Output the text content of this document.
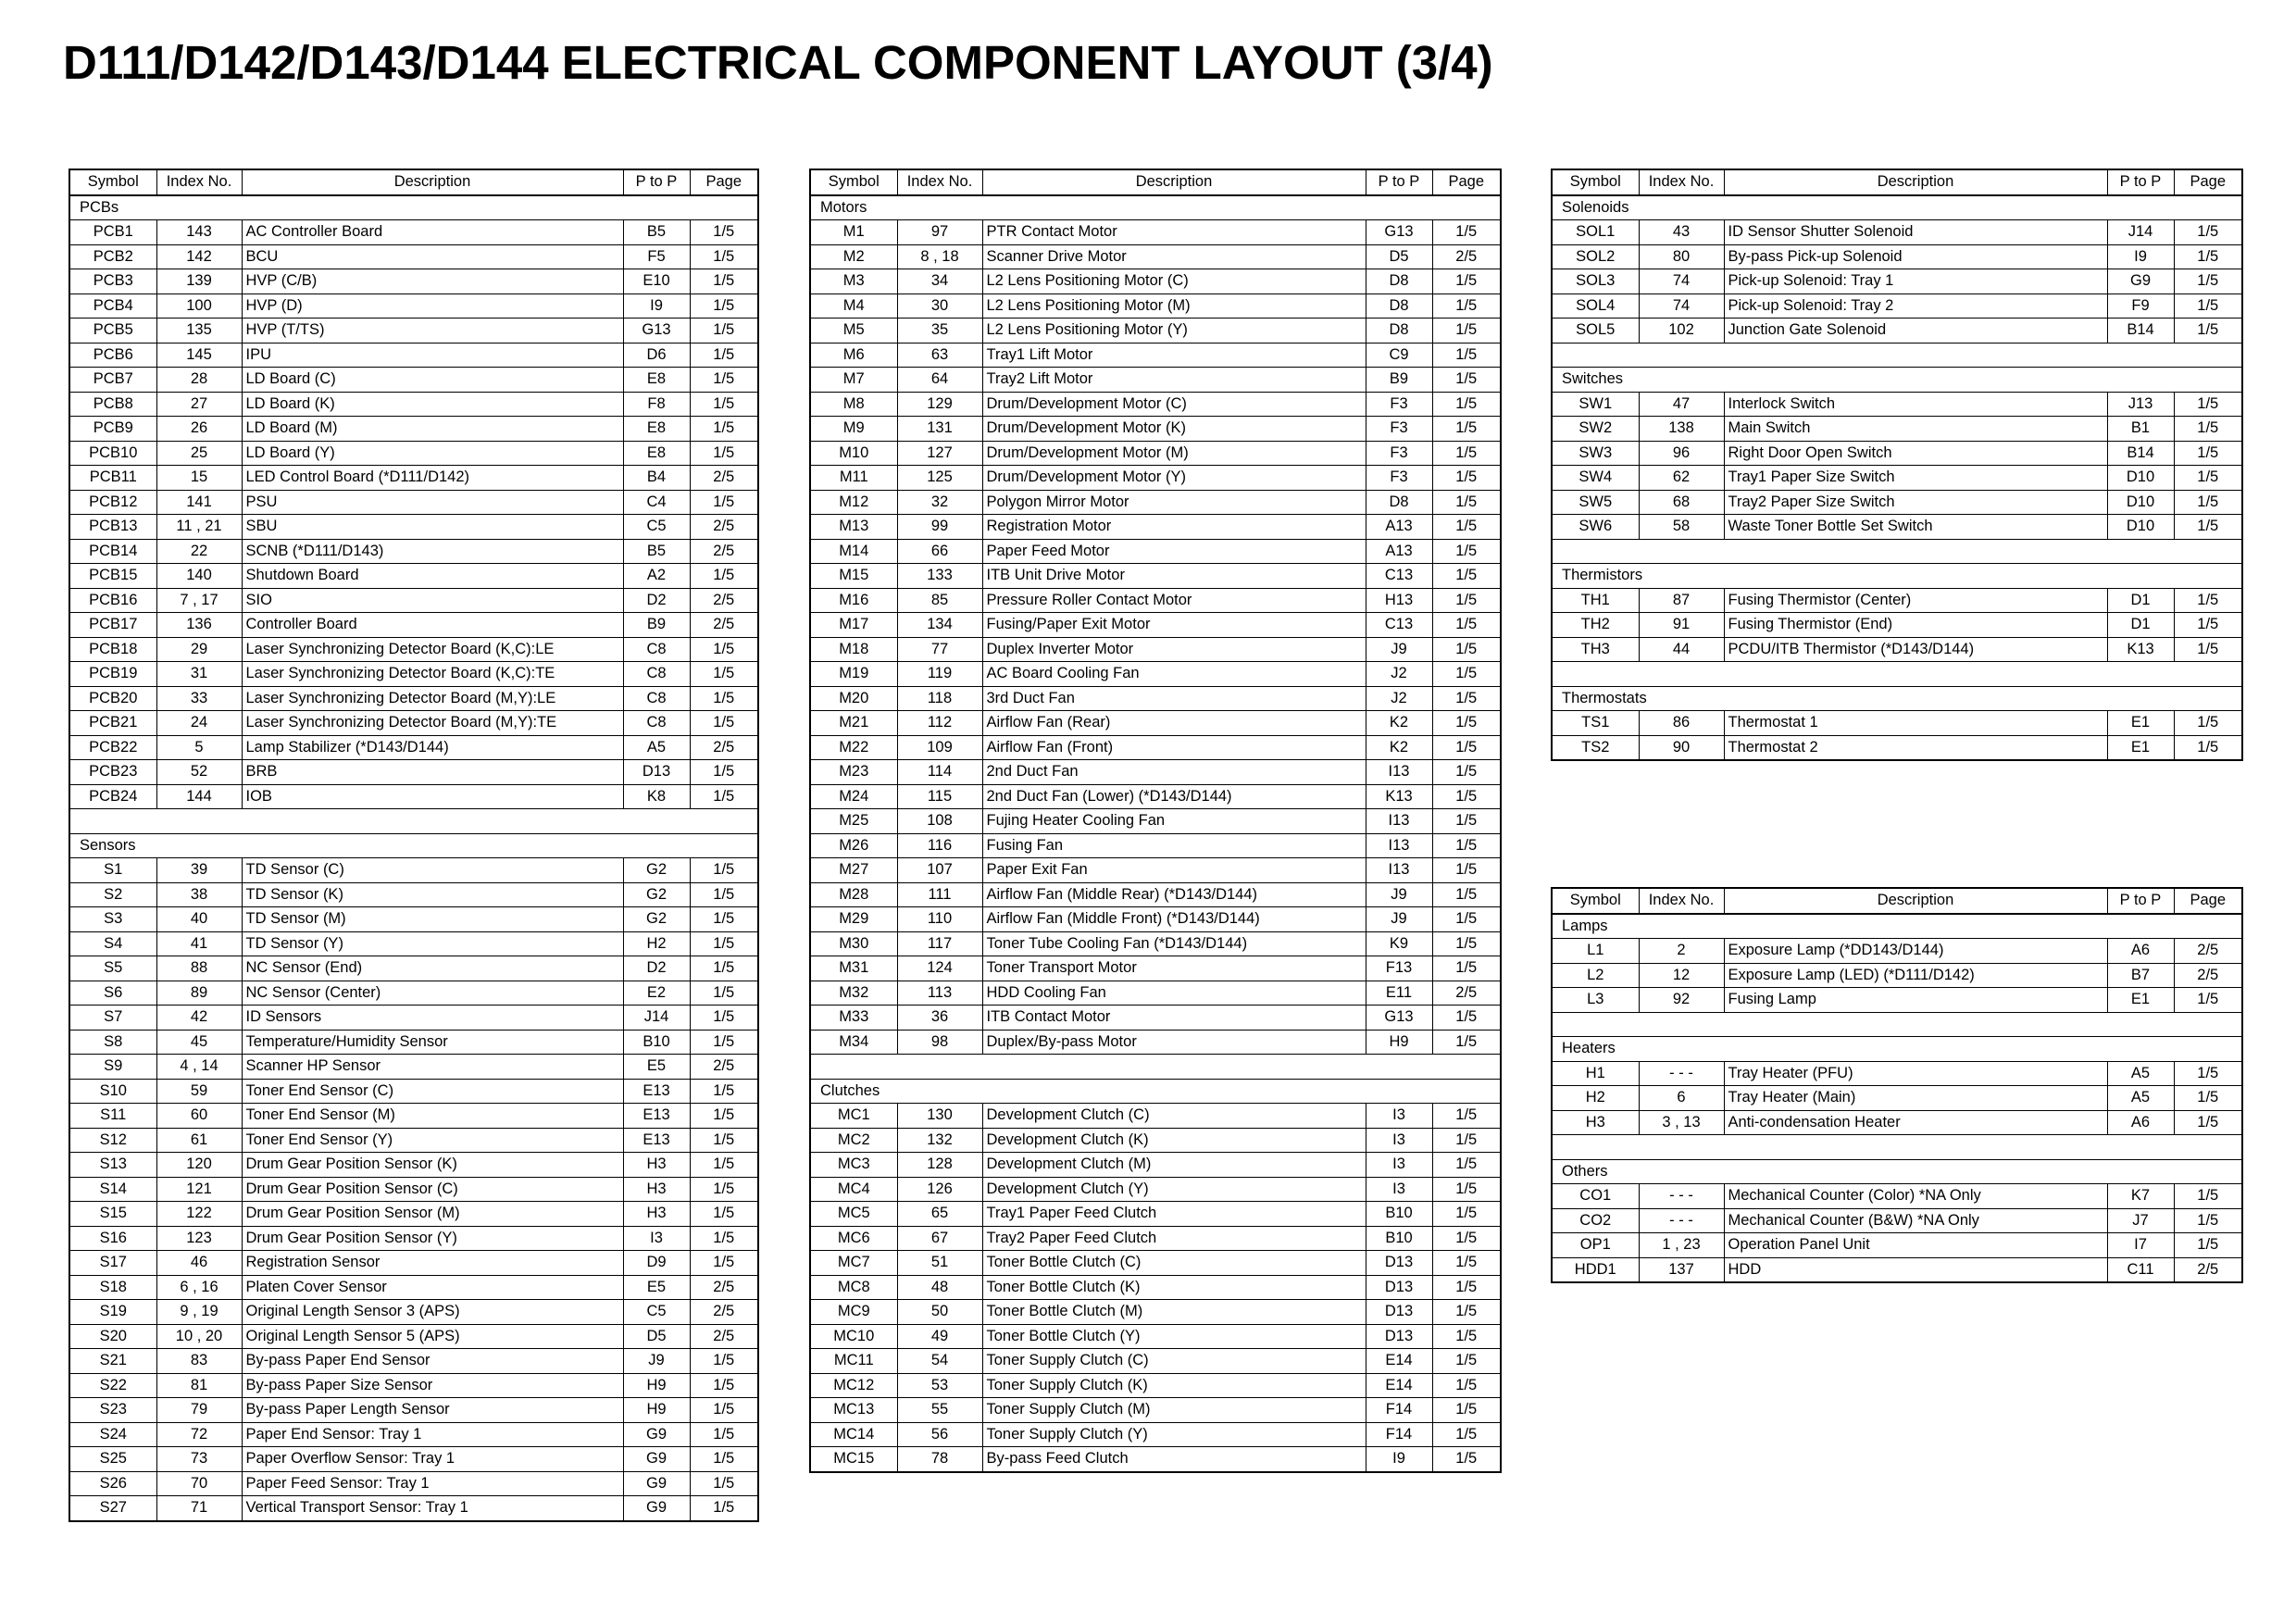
D111/D142/D143/D144 ELECTRICAL COMPONENT LAYOUT (3/4)
Symbol	Index No.	Description	P to P	Page
PCBs				
PCB1	143	AC Controller Board	B5	1/5
PCB2	142	BCU	F5	1/5
PCB3	139	HVP (C/B)	E10	1/5
PCB4	100	HVP (D)	I9	1/5
PCB5	135	HVP (T/TS)	G13	1/5
PCB6	145	IPU	D6	1/5
PCB7	28	LD Board (C)	E8	1/5
PCB8	27	LD Board (K)	F8	1/5
PCB9	26	LD Board (M)	E8	1/5
PCB10	25	LD Board (Y)	E8	1/5
PCB11	15	LED Control Board (*D111/D142)	B4	2/5
PCB12	141	PSU	C4	1/5
PCB13	11 , 21	SBU	C5	2/5
PCB14	22	SCNB (*D111/D143)	B5	2/5
PCB15	140	Shutdown Board	A2	1/5
PCB16	7 , 17	SIO	D2	2/5
PCB17	136	Controller Board	B9	2/5
PCB18	29	Laser Synchronizing Detector Board (K,C):LE	C8	1/5
PCB19	31	Laser Synchronizing Detector Board (K,C):TE	C8	1/5
PCB20	33	Laser Synchronizing Detector Board (M,Y):LE	C8	1/5
PCB21	24	Laser Synchronizing Detector Board (M,Y):TE	C8	1/5
PCB22	5	Lamp Stabilizer (*D143/D144)	A5	2/5
PCB23	52	BRB	D13	1/5
PCB24	144	IOB	K8	1/5

Sensors				
S1	39	TD Sensor (C)	G2	1/5
S2	38	TD Sensor (K)	G2	1/5
S3	40	TD Sensor (M)	G2	1/5
S4	41	TD Sensor (Y)	H2	1/5
S5	88	NC Sensor (End)	D2	1/5
S6	89	NC Sensor (Center)	E2	1/5
S7	42	ID Sensors	J14	1/5
S8	45	Temperature/Humidity Sensor	B10	1/5
S9	4 , 14	Scanner HP Sensor	E5	2/5
S10	59	Toner End Sensor (C)	E13	1/5
S11	60	Toner End Sensor (M)	E13	1/5
S12	61	Toner End Sensor (Y)	E13	1/5
S13	120	Drum Gear Position Sensor (K)	H3	1/5
S14	121	Drum Gear Position Sensor (C)	H3	1/5
S15	122	Drum Gear Position Sensor (M)	H3	1/5
S16	123	Drum Gear Position Sensor (Y)	I3	1/5
S17	46	Registration Sensor	D9	1/5
S18	6 , 16	Platen Cover Sensor	E5	2/5
S19	9 , 19	Original Length Sensor 3 (APS)	C5	2/5
S20	10 , 20	Original Length Sensor 5 (APS)	D5	2/5
S21	83	By-pass Paper End Sensor	J9	1/5
S22	81	By-pass Paper Size Sensor	H9	1/5
S23	79	By-pass Paper Length Sensor	H9	1/5
S24	72	Paper End Sensor: Tray 1	G9	1/5
S25	73	Paper Overflow Sensor: Tray 1	G9	1/5
S26	70	Paper Feed Sensor: Tray 1	G9	1/5
S27	71	Vertical Transport Sensor: Tray 1	G9	1/5
Symbol	Index No.	Description	P to P	Page
Motors				
M1	97	PTR Contact Motor	G13	1/5
M2	8 , 18	Scanner Drive Motor	D5	2/5
M3	34	L2 Lens Positioning Motor (C)	D8	1/5
M4	30	L2 Lens Positioning Motor (M)	D8	1/5
M5	35	L2 Lens Positioning Motor (Y)	D8	1/5
M6	63	Tray1 Lift Motor	C9	1/5
M7	64	Tray2 Lift Motor	B9	1/5
M8	129	Drum/Development Motor (C)	F3	1/5
M9	131	Drum/Development Motor (K)	F3	1/5
M10	127	Drum/Development Motor (M)	F3	1/5
M11	125	Drum/Development Motor (Y)	F3	1/5
M12	32	Polygon Mirror Motor	D8	1/5
M13	99	Registration Motor	A13	1/5
M14	66	Paper Feed Motor	A13	1/5
M15	133	ITB Unit Drive Motor	C13	1/5
M16	85	Pressure Roller Contact Motor	H13	1/5
M17	134	Fusing/Paper Exit Motor	C13	1/5
M18	77	Duplex Inverter Motor	J9	1/5
M19	119	AC Board Cooling Fan	J2	1/5
M20	118	3rd Duct Fan	J2	1/5
M21	112	Airflow Fan (Rear)	K2	1/5
M22	109	Airflow Fan (Front)	K2	1/5
M23	114	2nd Duct Fan	I13	1/5
M24	115	2nd Duct Fan (Lower) (*D143/D144)	K13	1/5
M25	108	Fujing Heater Cooling Fan	I13	1/5
M26	116	Fusing Fan	I13	1/5
M27	107	Paper Exit Fan	I13	1/5
M28	111	Airflow Fan (Middle Rear) (*D143/D144)	J9	1/5
M29	110	Airflow Fan (Middle Front) (*D143/D144)	J9	1/5
M30	117	Toner Tube Cooling Fan (*D143/D144)	K9	1/5
M31	124	Toner Transport Motor	F13	1/5
M32	113	HDD Cooling Fan	E11	2/5
M33	36	ITB Contact Motor	G13	1/5
M34	98	Duplex/By-pass Motor	H9	1/5

Clutches				
MC1	130	Development Clutch (C)	I3	1/5
MC2	132	Development Clutch (K)	I3	1/5
MC3	128	Development Clutch (M)	I3	1/5
MC4	126	Development Clutch (Y)	I3	1/5
MC5	65	Tray1 Paper Feed Clutch	B10	1/5
MC6	67	Tray2 Paper Feed Clutch	B10	1/5
MC7	51	Toner Bottle Clutch (C)	D13	1/5
MC8	48	Toner Bottle Clutch (K)	D13	1/5
MC9	50	Toner Bottle Clutch (M)	D13	1/5
MC10	49	Toner Bottle Clutch (Y)	D13	1/5
MC11	54	Toner Supply Clutch (C)	E14	1/5
MC12	53	Toner Supply Clutch (K)	E14	1/5
MC13	55	Toner Supply Clutch (M)	F14	1/5
MC14	56	Toner Supply Clutch (Y)	F14	1/5
MC15	78	By-pass Feed Clutch	I9	1/5
Symbol	Index No.	Description	P to P	Page
Solenoids				
SOL1	43	ID Sensor Shutter Solenoid	J14	1/5
SOL2	80	By-pass Pick-up Solenoid	I9	1/5
SOL3	74	Pick-up Solenoid: Tray 1	G9	1/5
SOL4	74	Pick-up Solenoid: Tray 2	F9	1/5
SOL5	102	Junction Gate Solenoid	B14	1/5

Switches				
SW1	47	Interlock Switch	J13	1/5
SW2	138	Main Switch	B1	1/5
SW3	96	Right Door Open Switch	B14	1/5
SW4	62	Tray1 Paper Size Switch	D10	1/5
SW5	68	Tray2 Paper Size Switch	D10	1/5
SW6	58	Waste Toner Bottle Set Switch	D10	1/5

Thermistors				
TH1	87	Fusing Thermistor (Center)	D1	1/5
TH2	91	Fusing Thermistor (End)	D1	1/5
TH3	44	PCDU/ITB Thermistor (*D143/D144)	K13	1/5

Thermostats				
TS1	86	Thermostat 1	E1	1/5
TS2	90	Thermostat 2	E1	1/5
Symbol	Index No.	Description	P to P	Page
Lamps				
L1	2	Exposure Lamp (*DD143/D144)	A6	2/5
L2	12	Exposure Lamp (LED) (*D111/D142)	B7	2/5
L3	92	Fusing Lamp	E1	1/5

Heaters				
H1	- - -	Tray Heater (PFU)	A5	1/5
H2	6	Tray Heater (Main)	A5	1/5
H3	3 , 13	Anti-condensation Heater	A6	1/5

Others				
CO1	- - -	Mechanical Counter (Color) *NA Only	K7	1/5
CO2	- - -	Mechanical Counter (B&W) *NA Only	J7	1/5
OP1	1 , 23	Operation Panel Unit	I7	1/5
HDD1	137	HDD	C11	2/5
